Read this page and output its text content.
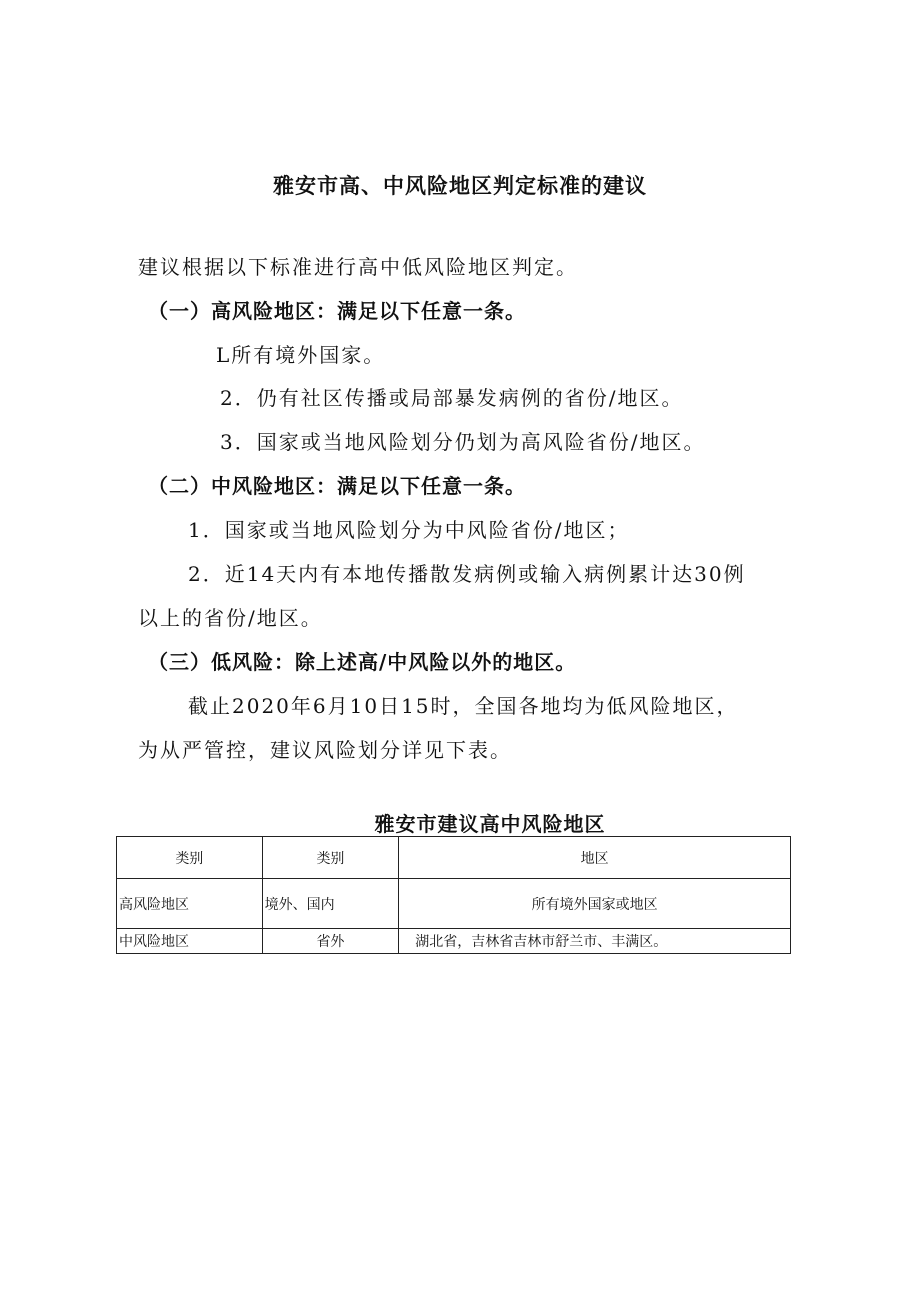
雅安市高、中风险地区判定标准的建议
建议根据以下标准进行高中低风险地区判定。
（一）高风险地区：满足以下任意一条。
L所有境外国家。
2．仍有社区传播或局部暴发病例的省份/地区。
3．国家或当地风险划分仍划为高风险省份/地区。
（二）中风险地区：满足以下任意一条。
1．国家或当地风险划分为中风险省份/地区；
2．近14天内有本地传播散发病例或输入病例累计达30例
以上的省份/地区。
（三）低风险：除上述高/中风险以外的地区。
截止2020年6月10日15时，全国各地均为低风险地区，
为从严管控，建议风险划分详见下表。
雅安市建议高中风险地区
类别	类别	地区
高风险地区	境外、国内	所有境外国家或地区
中风险地区	省外	湖北省，吉林省吉林市舒兰市、丰满区。
